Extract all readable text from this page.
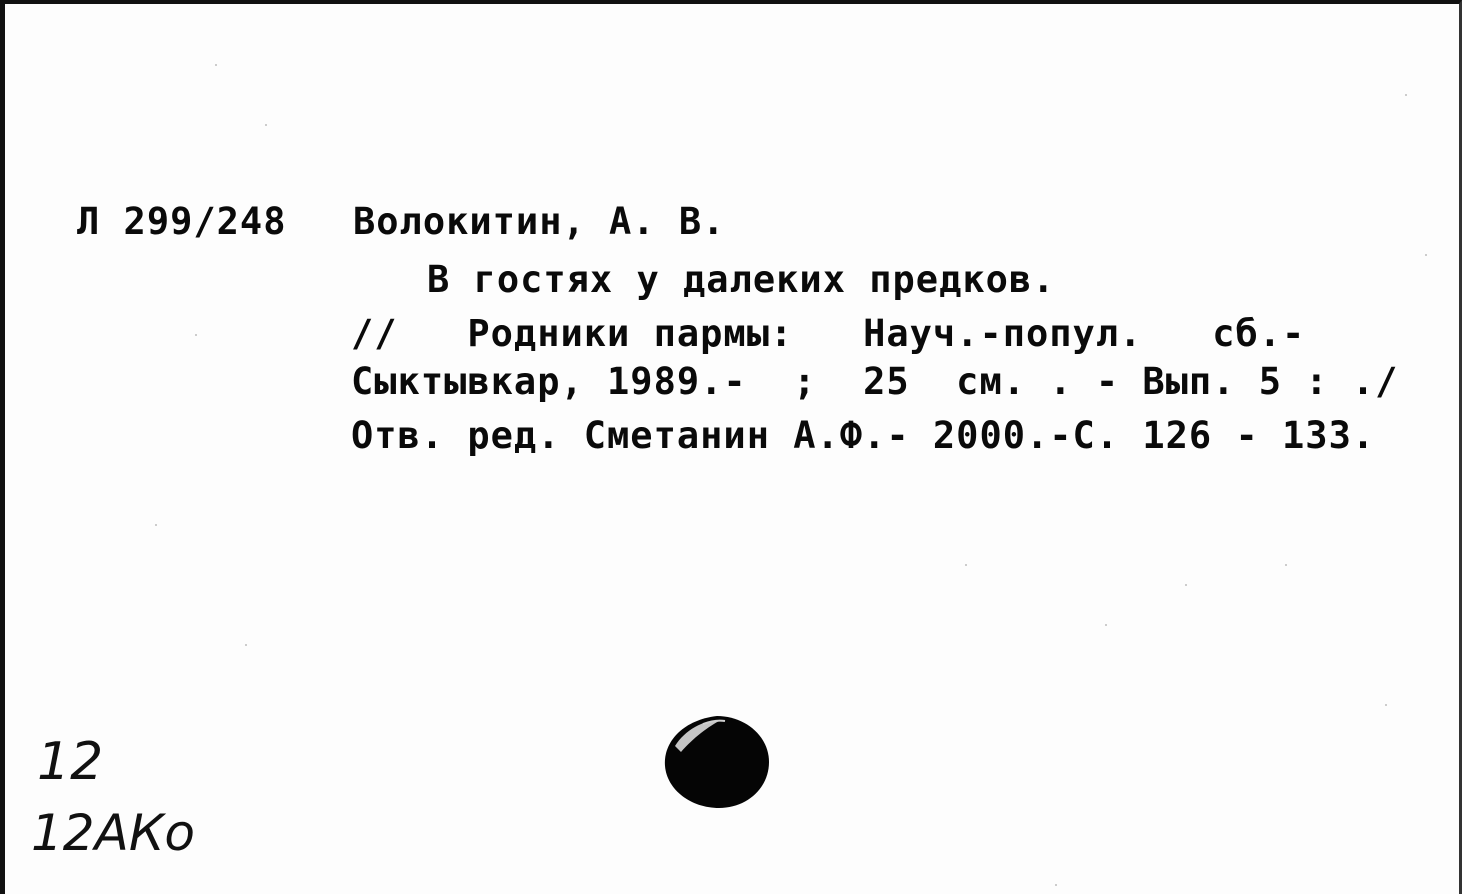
Л 299/248 Волокитин, А. В.
В гостях у далеких предков.
//   Родники пармы:   Науч.-попул.   сб.-
Сыктывкар, 1989.-  ;  25  см. . - Вып. 5 : ./
Отв. ред. Сметанин А.Ф.- 2000.-С. 126 - 133.
12
12АКо
